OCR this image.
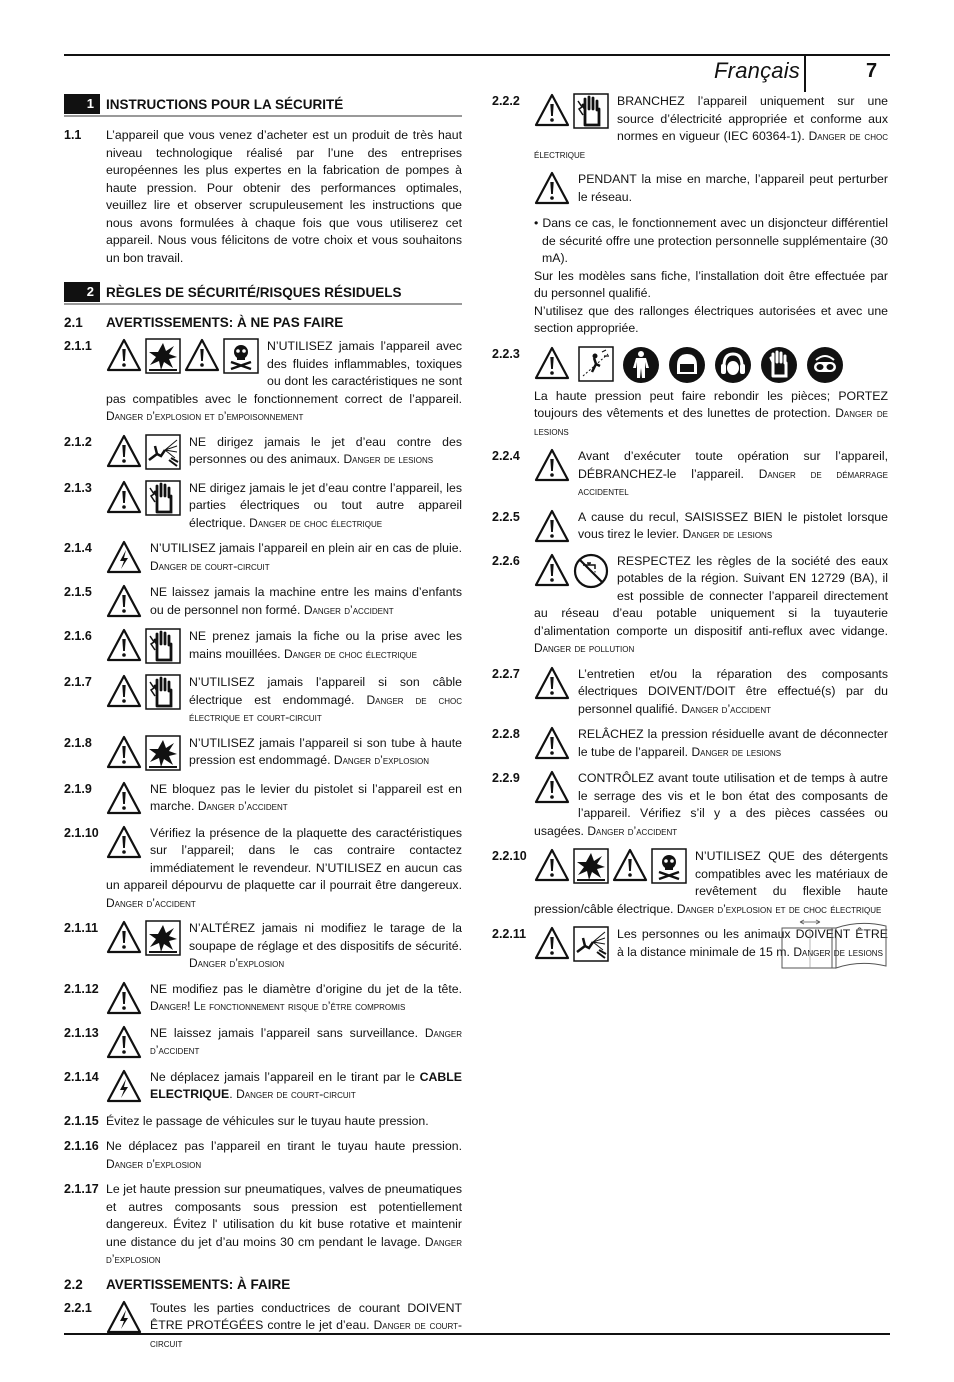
Français	7
1 INSTRUCTIONS POUR LA SÉCURITÉ
1.1	L’appareil que vous venez d’acheter est un produit de très haut niveau technologique réalisé par l’une des entreprises européennes les plus expertes en la fabrication de pompes à haute pression. Pour obtenir des performances optimales, veuillez lire et observer scrupuleusement les instructions que nous avons formulées à chaque fois que vous utiliserez cet appareil. Nous vous félicitons de votre choix et vous souhaitons un bon travail.
2 RÈGLES DE SÉCURITÉ/RISQUES RÉSIDUELS
2.1	AVERTISSEMENTS: À NE PAS FAIRE
2.1.1	N’UTILISEZ jamais l’appareil avec des fluides inflammables, toxiques ou dont les caractéristiques ne sont pas compatibles avec le fonctionnement correct de l’appareil. Danger d’explosion et d’empoisonnement
2.1.2	NE dirigez jamais le jet d’eau contre des personnes ou des animaux. Danger de lesions
2.1.3	NE dirigez jamais le jet d’eau contre l’appareil, les parties électriques ou tout autre appareil électrique. Danger de choc électrique
2.1.4	N’UTILISEZ jamais l’appareil en plein air en cas de pluie. Danger de court-circuit
2.1.5	NE laissez jamais la machine entre les mains d’enfants ou de personnel non formé. Danger d’accident
2.1.6	NE prenez jamais la fiche ou la prise avec les mains mouillées. Danger de choc électrique
2.1.7	N’UTILISEZ jamais l’appareil si son câble électrique est endommagé. Danger de choc électrique et court-circuit
2.1.8	N’UTILISEZ jamais l’appareil si son tube à haute pression est endommagé. Danger d’explosion
2.1.9	NE bloquez pas le levier du pistolet si l’appareil est en marche. Danger d’accident
2.1.10	Vérifiez la présence de la plaquette des caractéristiques sur l’appareil; dans le cas contraire contactez immédiatement le revendeur. N’UTILISEZ en aucun cas un appareil dépourvu de plaquette car il pourrait être dangereux. Danger d’accident
2.1.11	N’ALTÉREZ jamais ni modifiez le tarage de la soupape de réglage et des dispositifs de sécurité. Danger d’explosion
2.1.12	NE modifiez pas le diamètre d’origine du jet de la tête. Danger! Le fonctionnement risque d’être compromis
2.1.13	NE laissez jamais l’appareil sans surveillance. Danger d’accident
2.1.14	Ne déplacez jamais l’appareil en le tirant par le CABLE ELECTRIQUE. Danger de court-circuit
2.1.15 Évitez le passage de véhicules sur le tuyau haute pression.
2.1.16 Ne déplacez pas l’appareil en tirant le tuyau haute pression. Danger d’explosion
2.1.17 Le jet haute pression sur pneumatiques, valves de pneumatiques et autres composants sous pression est potentiellement dangereux. Évitez l' utilisation du kit buse rotative et maintenir une distance du jet d’au moins 30 cm pendant le lavage. Danger d’explosion
2.2	AVERTISSEMENTS: À FAIRE
2.2.1	Toutes les parties conductrices de courant DOIVENT ÊTRE PROTÉGÉES contre le jet d’eau. Danger de court-circuit
2.2.2	BRANCHEZ l’appareil uniquement sur une source d’électricité appropriée et conforme aux normes en vigueur (IEC 60364-1). Danger de choc électrique
PENDANT la mise en marche, l’appareil peut perturber le réseau.
• Dans ce cas, le fonctionnement avec un disjoncteur différentiel de sécurité offre une protection personnelle supplémentaire (30 mA).
Sur les modèles sans fiche, l’installation doit être effectuée par du personnel qualifié.
N’utilisez que des rallonges électriques autorisées et avec une section appropriée.
2.2.3
La haute pression peut faire rebondir les pièces; PORTEZ toujours des vêtements et des lunettes de protection. Danger de lesions
2.2.4	Avant d’exécuter toute opération sur l’appareil, DÉBRANCHEZ-le l’appareil. Danger de démarrage accidentel
2.2.5	A cause du recul, SAISISSEZ BIEN le pistolet lorsque vous tirez le levier. Danger de lesions
2.2.6	RESPECTEZ les règles de la société des eaux potables de la région. Suivant EN 12729 (BA), il est possible de connecter l’appareil directement au réseau d’eau potable uniquement si la tuyauterie d’alimentation comporte un dispositif anti-reflux avec vidange. Danger de pollution
2.2.7	L’entretien et/ou la réparation des composants électriques DOIVENT/DOIT être effectué(s) par du personnel qualifié. Danger d’accident
2.2.8	RELÂCHEZ la pression résiduelle avant de déconnecter le tube de l’appareil. Danger de lesions
2.2.9	CONTRÔLEZ avant toute utilisation et de temps à autre le serrage des vis et le bon état des composants de l’appareil. Vérifiez s’il y a des pièces cassées ou usagées. Danger d’accident
2.2.10	N’UTILISEZ QUE des détergents compatibles avec les matériaux de revêtement du flexible haute pression/câble électrique. Danger d’explosion et de choc électrique
2.2.11	Les personnes ou les animaux DOIVENT ÊTRE à la distance minimale de 15 m. Danger de lesions
